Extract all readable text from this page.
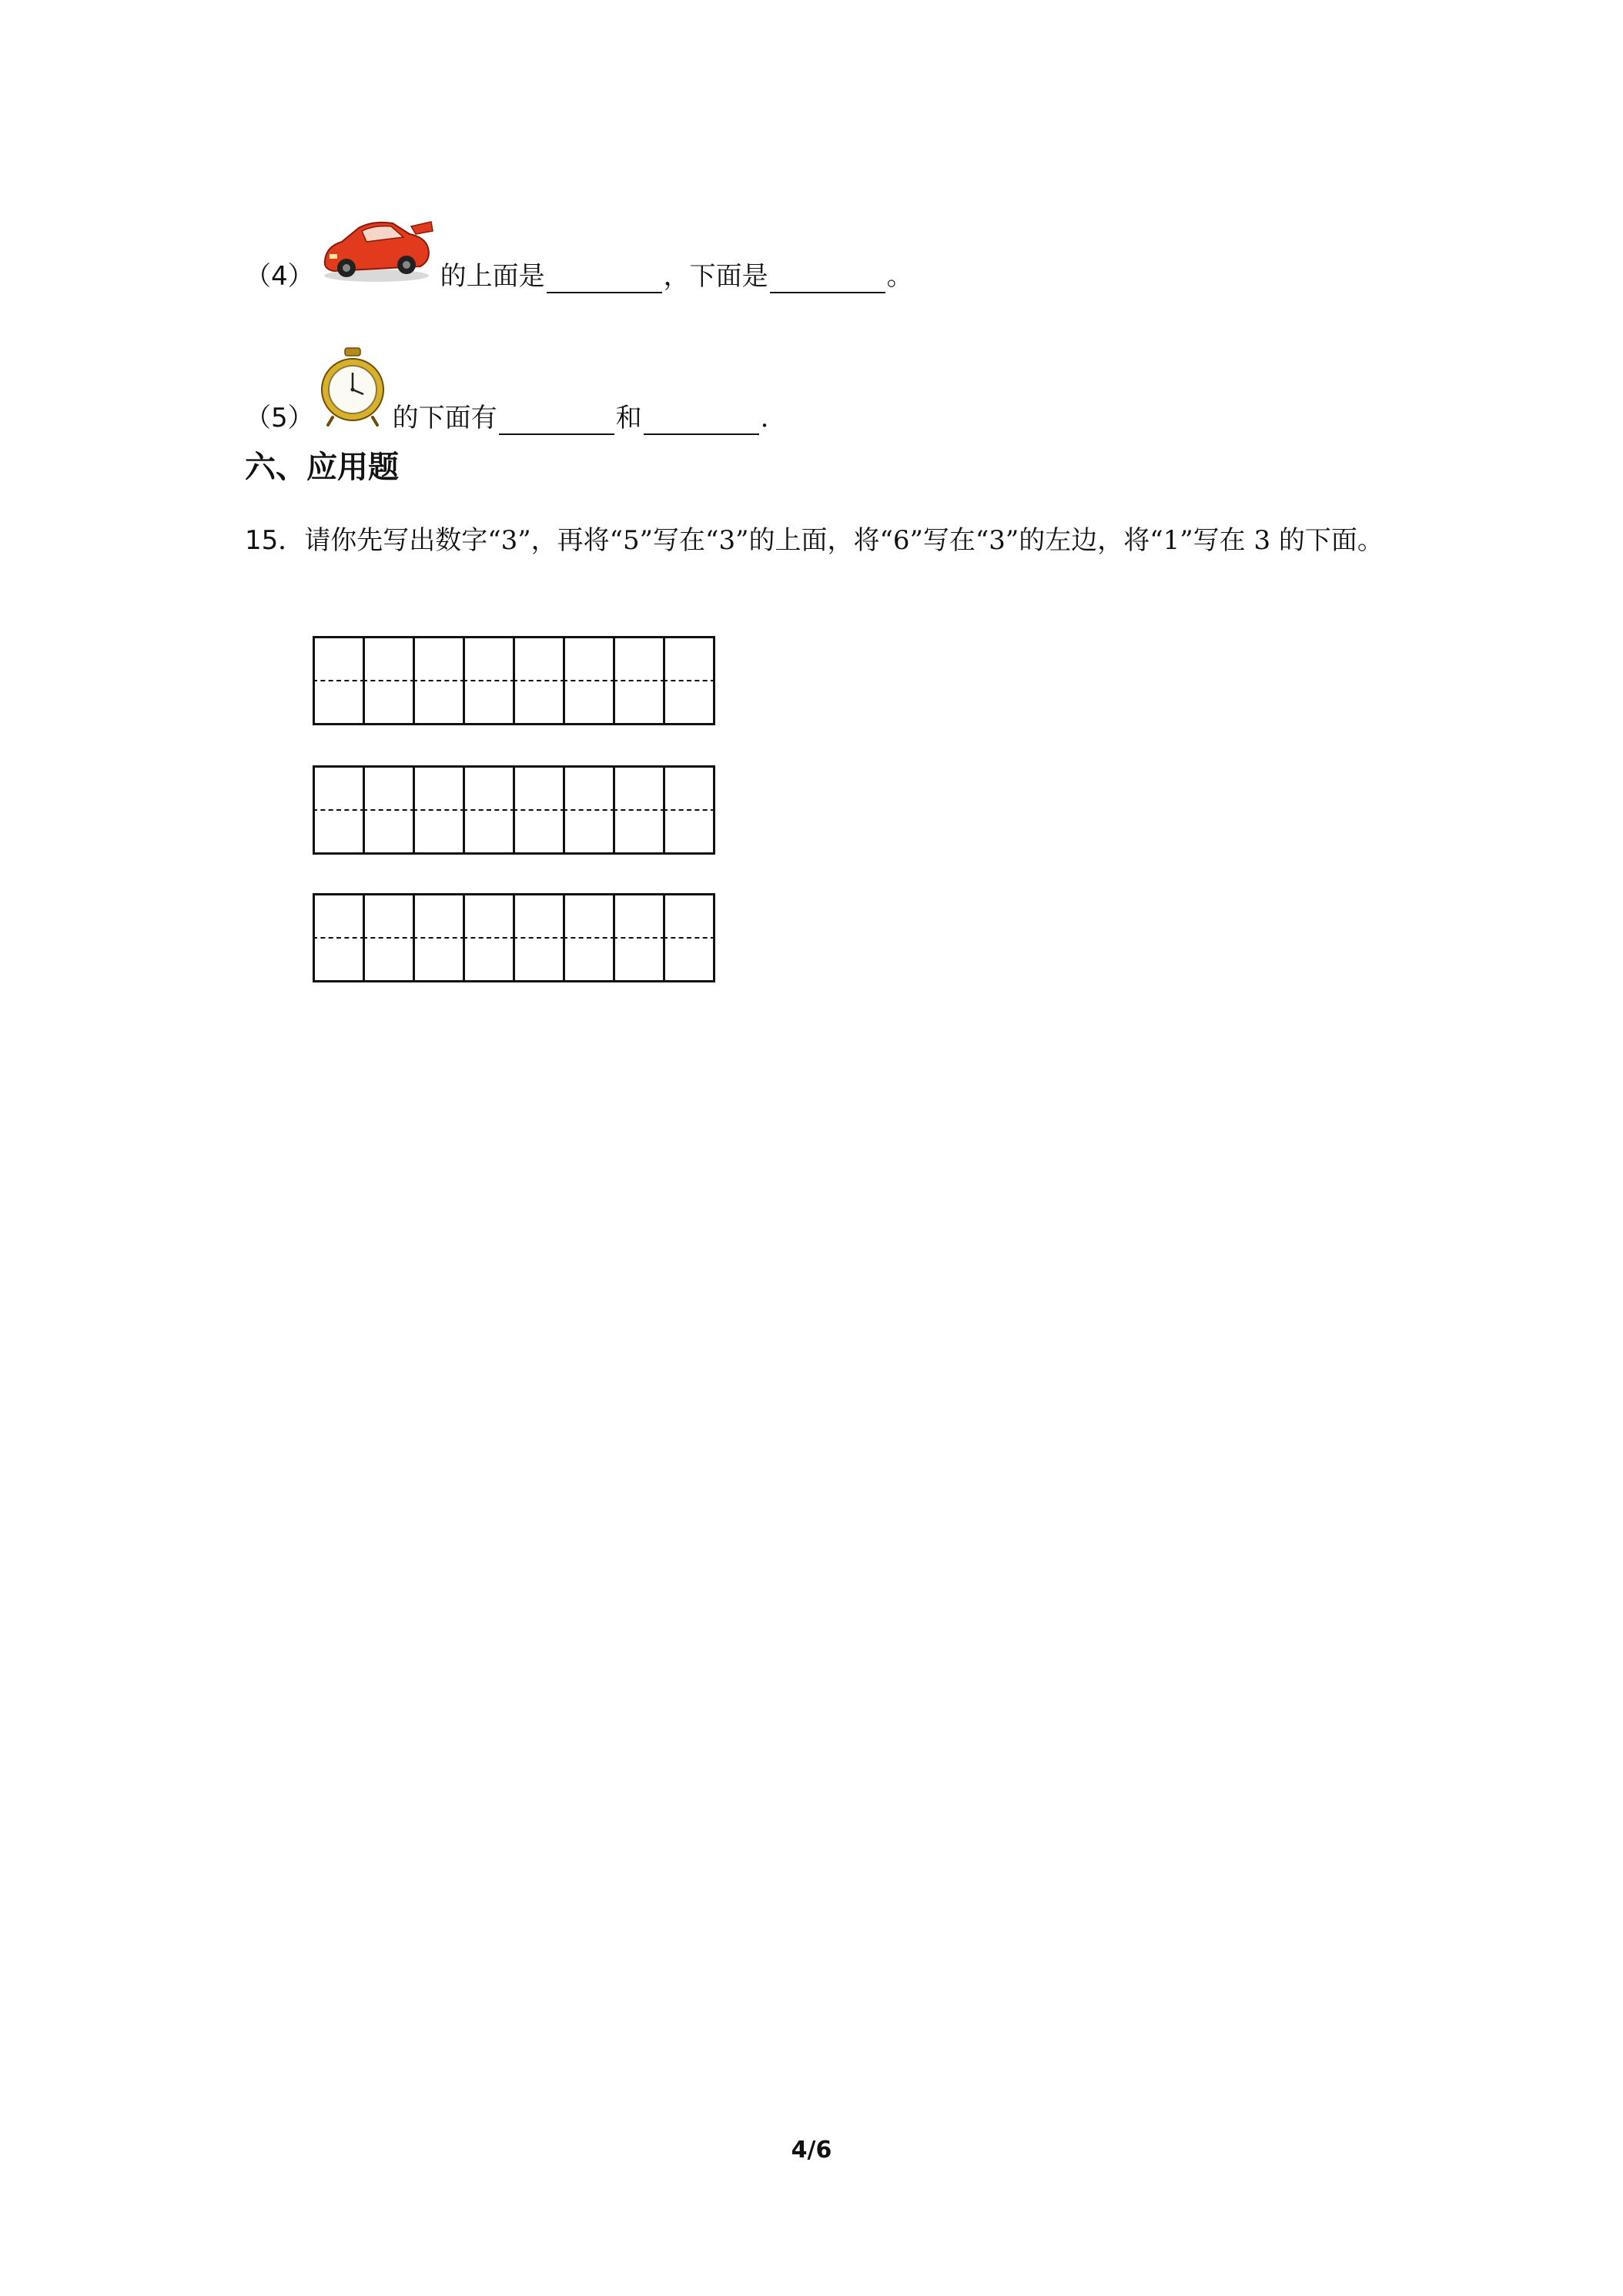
（4）	的上面是	，下面是	。
（5）	的下面有	和	.
六、应用题
15．请你先写出数字“3”，再将“5”写在“3”的上面，将“6”写在“3”的左边，将“1”写在 3 的下面。
4/6
